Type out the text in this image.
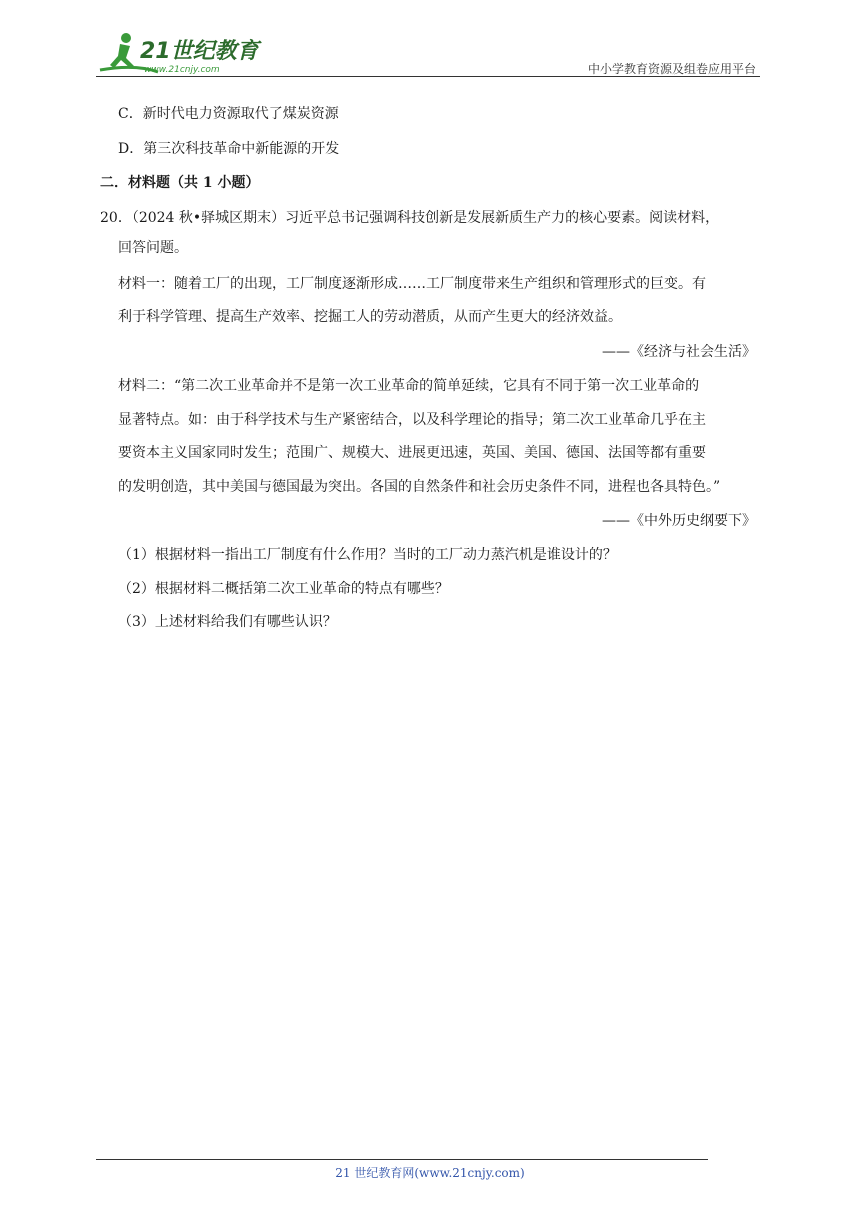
21世纪教育
www.21cnjy.com	中小学教育资源及组卷应用平台
C．新时代电力资源取代了煤炭资源
D．第三次科技革命中新能源的开发
二．材料题（共 1 小题）
20．（2024 秋•驿城区期末）习近平总书记强调科技创新是发展新质生产力的核心要素。阅读材料，
回答问题。
材料一：随着工厂的出现，工厂制度逐渐形成……工厂制度带来生产组织和管理形式的巨变。有
利于科学管理、提高生产效率、挖掘工人的劳动潜质，从而产生更大的经济效益。
——《经济与社会生活》
材料二：“第二次工业革命并不是第一次工业革命的简单延续，它具有不同于第一次工业革命的
显著特点。如：由于科学技术与生产紧密结合，以及科学理论的指导；第二次工业革命几乎在主
要资本主义国家同时发生；范围广、规模大、进展更迅速，英国、美国、德国、法国等都有重要
的发明创造，其中美国与德国最为突出。各国的自然条件和社会历史条件不同，进程也各具特色。”
——《中外历史纲要下》
（1）根据材料一指出工厂制度有什么作用？当时的工厂动力蒸汽机是谁设计的？
（2）根据材料二概括第二次工业革命的特点有哪些？
（3）上述材料给我们有哪些认识？
21 世纪教育网(www.21cnjy.com)
